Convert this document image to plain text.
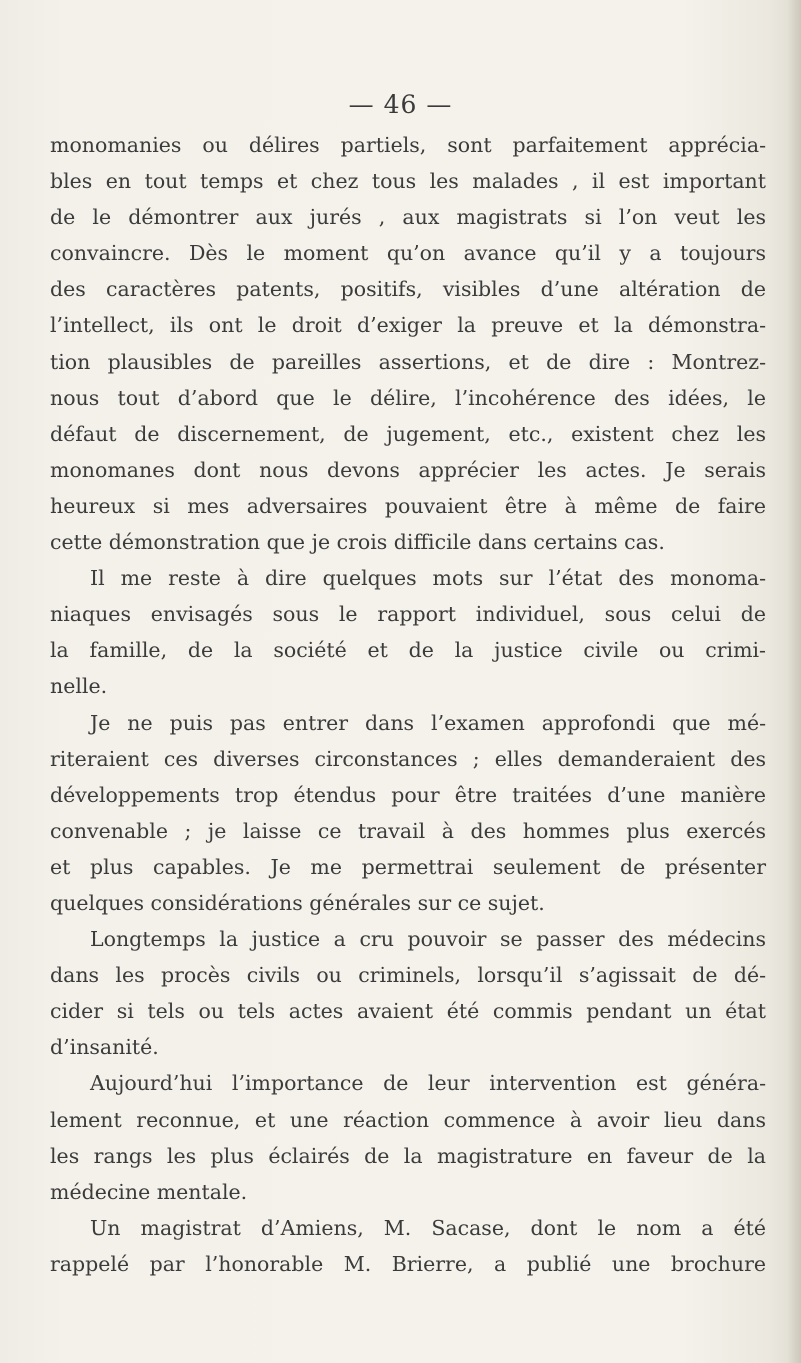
— 46 —
monomanies ou délires partiels, sont parfaitement apprécia-
bles en tout temps et chez tous les malades , il est important
de le démontrer aux jurés , aux magistrats si l’on veut les
convaincre. Dès le moment qu’on avance qu’il y a toujours
des caractères patents, positifs, visibles d’une altération de
l’intellect, ils ont le droit d’exiger la preuve et la démonstra-
tion plausibles de pareilles assertions, et de dire : Montrez-
nous tout d’abord que le délire, l’incohérence des idées, le
défaut de discernement, de jugement, etc., existent chez les
monomanes dont nous devons apprécier les actes. Je serais
heureux si mes adversaires pouvaient être à même de faire
cette démonstration que je crois difficile dans certains cas.
Il me reste à dire quelques mots sur l’état des monoma-
niaques envisagés sous le rapport individuel, sous celui de
la famille, de la société et de la justice civile ou crimi-
nelle.
Je ne puis pas entrer dans l’examen approfondi que mé-
riteraient ces diverses circonstances ; elles demanderaient des
développements trop étendus pour être traitées d’une manière
convenable ; je laisse ce travail à des hommes plus exercés
et plus capables. Je me permettrai seulement de présenter
quelques considérations générales sur ce sujet.
Longtemps la justice a cru pouvoir se passer des médecins
dans les procès civils ou criminels, lorsqu’il s’agissait de dé-
cider si tels ou tels actes avaient été commis pendant un état
d’insanité.
Aujourd’hui l’importance de leur intervention est généra-
lement reconnue, et une réaction commence à avoir lieu dans
les rangs les plus éclairés de la magistrature en faveur de la
médecine mentale.
Un magistrat d’Amiens, M. Sacase, dont le nom a été
rappelé par l’honorable M. Brierre, a publié une brochure
